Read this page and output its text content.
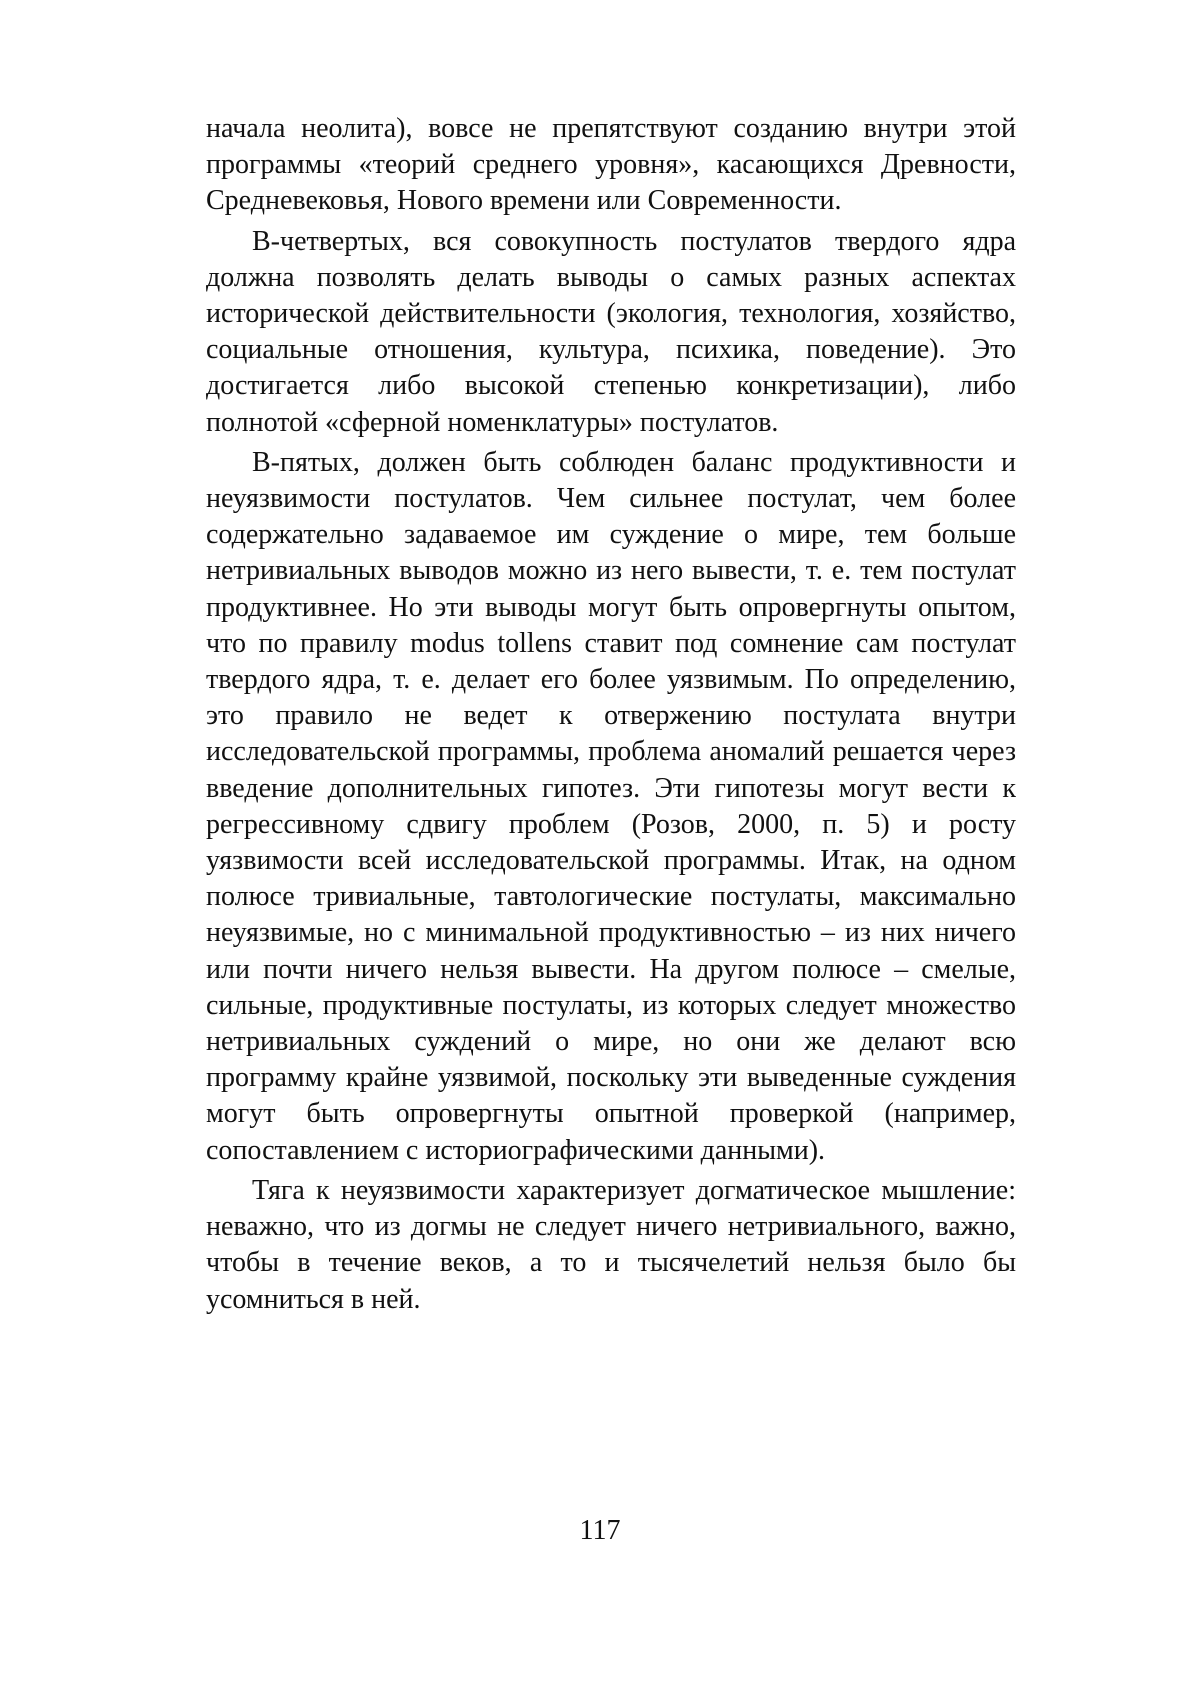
начала неолита), вовсе не препятствуют созданию внутри этой программы «теорий среднего уровня», касающихся Древности, Средневековья, Нового времени или Современности.

В-четвертых, вся совокупность постулатов твердого ядра должна позволять делать выводы о самых разных аспектах исторической действительности (экология, технология, хозяйство, социальные отношения, культура, психика, поведение). Это достигается либо высокой степенью конкретизации), либо полнотой «сферной номенклатуры» постулатов.

В-пятых, должен быть соблюден баланс продуктивности и неуязвимости постулатов. Чем сильнее постулат, чем более содержательно задаваемое им суждение о мире, тем больше нетривиальных выводов можно из него вывести, т. е. тем постулат продуктивнее. Но эти выводы могут быть опровергнуты опытом, что по правилу modus tollens ставит под сомнение сам постулат твердого ядра, т. е. делает его более уязвимым. По определению, это правило не ведет к отвержению постулата внутри исследовательской программы, проблема аномалий решается через введение дополнительных гипотез. Эти гипотезы могут вести к регрессивному сдвигу проблем (Розов, 2000, п. 5) и росту уязвимости всей исследовательской программы. Итак, на одном полюсе тривиальные, тавтологические постулаты, максимально неуязвимые, но с минимальной продуктивностью – из них ничего или почти ничего нельзя вывести. На другом полюсе – смелые, сильные, продуктивные постулаты, из которых следует множество нетривиальных суждений о мире, но они же делают всю программу крайне уязвимой, поскольку эти выведенные суждения могут быть опровергнуты опытной проверкой (например, сопоставлением с историографическими данными).

Тяга к неуязвимости характеризует догматическое мышление: неважно, что из догмы не следует ничего нетривиального, важно, чтобы в течение веков, а то и тысячелетий нельзя было бы усомниться в ней.

117
